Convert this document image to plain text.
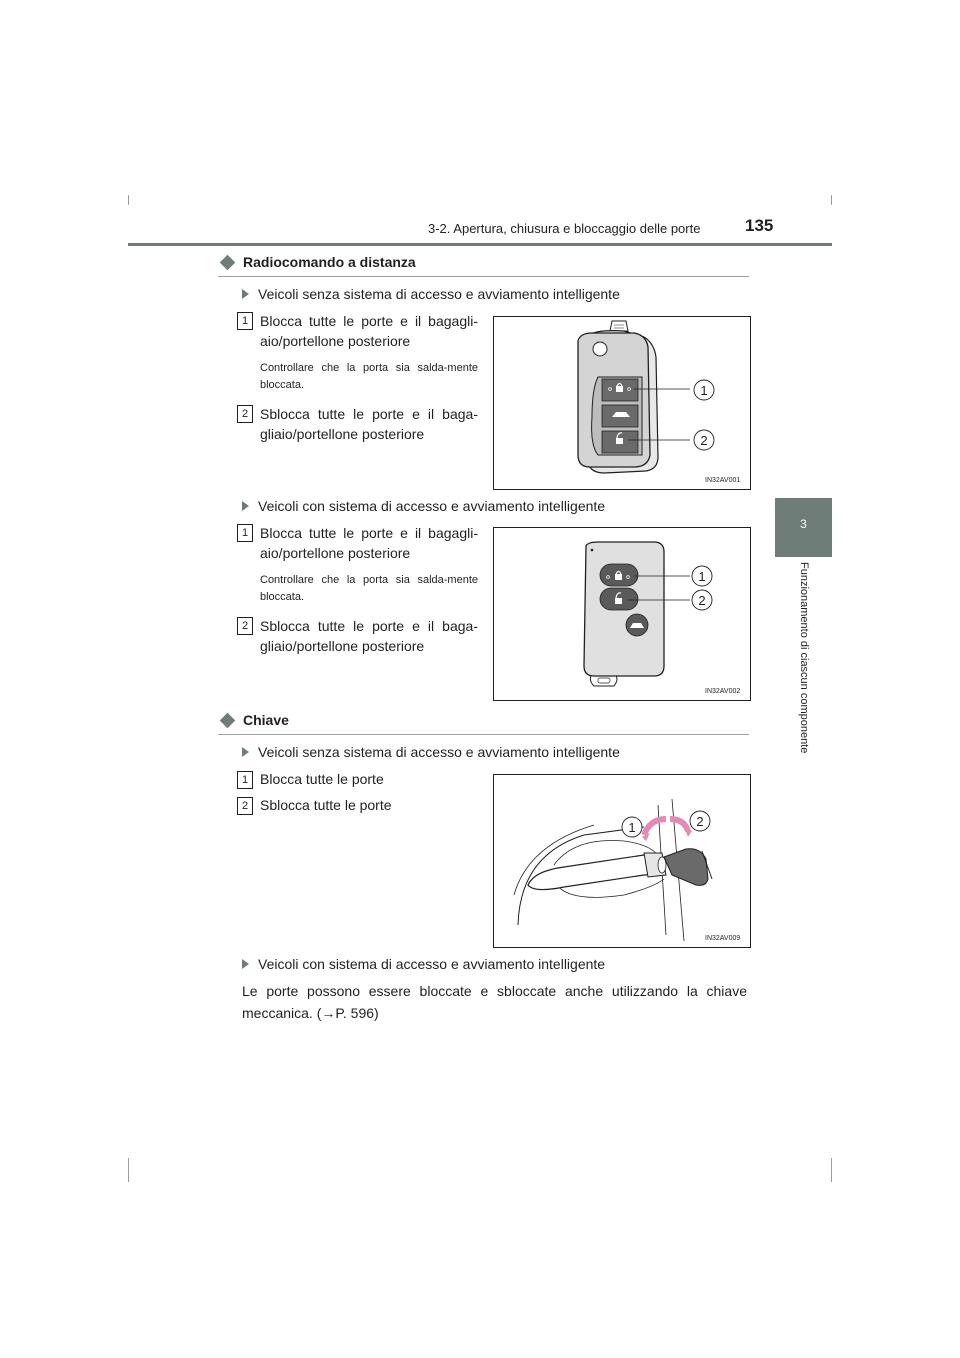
3-2. Apertura, chiusura e bloccaggio delle porte	135
3
Funzionamento di ciascun componente
Radiocomando a distanza
Veicoli senza sistema di accesso e avviamento intelligente
1 Blocca tutte le porte e il bagagli-aio/portellone posteriore
Controllare che la porta sia salda-mente bloccata.
2 Sblocca tutte le porte e il baga-gliaio/portellone posteriore
1
2
IN32AV001
Veicoli con sistema di accesso e avviamento intelligente
1 Blocca tutte le porte e il bagagli-aio/portellone posteriore
Controllare che la porta sia salda-mente bloccata.
2 Sblocca tutte le porte e il baga-gliaio/portellone posteriore
1
2
IN32AV002
Chiave
Veicoli senza sistema di accesso e avviamento intelligente
1 Blocca tutte le porte
2 Sblocca tutte le porte
1	2
IN32AV009
Veicoli con sistema di accesso e avviamento intelligente
Le porte possono essere bloccate e sbloccate anche utilizzando la chiave meccanica. (→P. 596)
